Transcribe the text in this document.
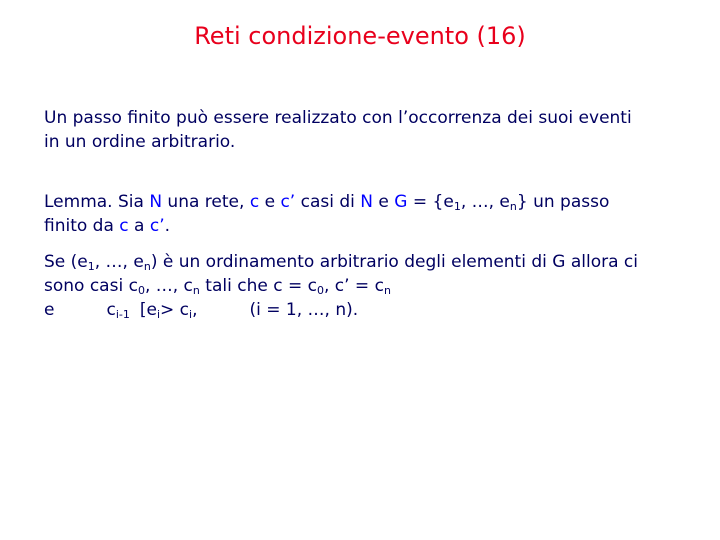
Reti condizione-evento (16)
Un passo finito può essere realizzato con l’occorrenza dei suoi eventi
in un ordine arbitrario.
Lemma. Sia N una rete, c e c’ casi di N e $G = \{e_1$, …, $e_n$} un passo
finito da c a c’.
Se ($e_1$, …, $e_n$) è un ordinamento arbitrario degli elementi di G allora ci
sono casi $c_0$, …, $c_n$ tali che $c = c_0$, c’ = $c_n$
e	$c_{i-1}$ [$e_i> c_i$,	(i = 1, …, n).
